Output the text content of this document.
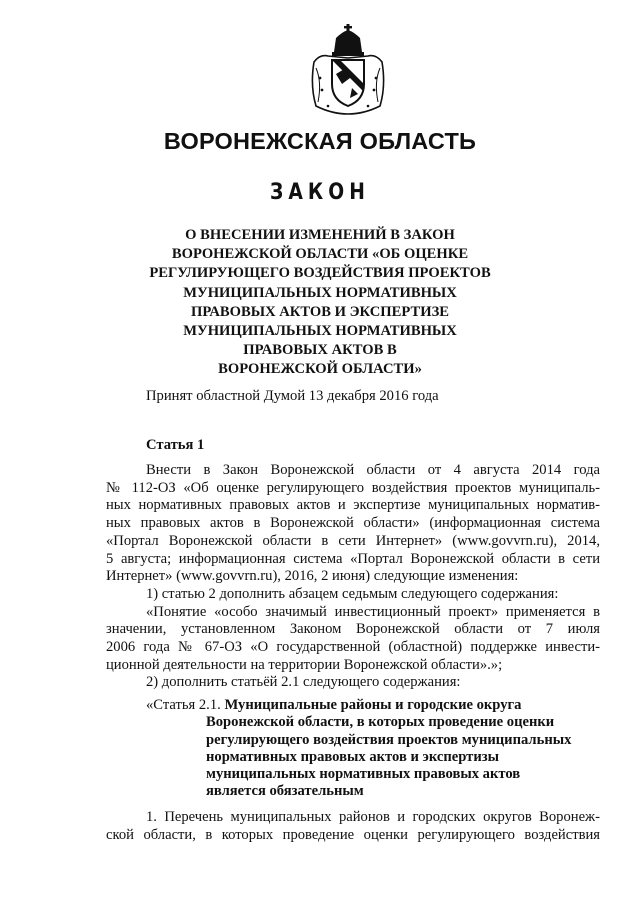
ВОРОНЕЖСКАЯ ОБЛАСТЬ
ЗАКОН
О ВНЕСЕНИИ ИЗМЕНЕНИЙ В ЗАКОН
ВОРОНЕЖСКОЙ ОБЛАСТИ «ОБ ОЦЕНКЕ
РЕГУЛИРУЮЩЕГО ВОЗДЕЙСТВИЯ ПРОЕКТОВ
МУНИЦИПАЛЬНЫХ НОРМАТИВНЫХ
ПРАВОВЫХ АКТОВ И ЭКСПЕРТИЗЕ
МУНИЦИПАЛЬНЫХ НОРМАТИВНЫХ
ПРАВОВЫХ АКТОВ В
ВОРОНЕЖСКОЙ ОБЛАСТИ»
Принят областной Думой 13 декабря 2016 года
Статья 1
Внести в Закон Воронежской области от 4 августа 2014 года
№ 112-ОЗ «Об оценке регулирующего воздействия проектов муниципаль-
ных нормативных правовых актов и экспертизе муниципальных норматив-
ных правовых актов в Воронежской области» (информационная система
«Портал Воронежской области в сети Интернет» (www.govvrn.ru), 2014,
5 августа; информационная система «Портал Воронежской области в сети
Интернет» (www.govvrn.ru), 2016, 2 июня) следующие изменения:
1) статью 2 дополнить абзацем седьмым следующего содержания:
«Понятие «особо значимый инвестиционный проект» применяется в
значении, установленном Законом Воронежской области от 7 июля
2006 года № 67-ОЗ «О государственной (областной) поддержке инвести-
ционной деятельности на территории Воронежской области».»;
2) дополнить статьёй 2.1 следующего содержания:
«Статья 2.1. Муниципальные районы и городские округа
Воронежской области, в которых проведение оценки
регулирующего воздействия проектов муниципальных
нормативных правовых актов и экспертизы
муниципальных нормативных правовых актов
является обязательным
1. Перечень муниципальных районов и городских округов Воронеж-
ской области, в которых проведение оценки регулирующего воздействия
